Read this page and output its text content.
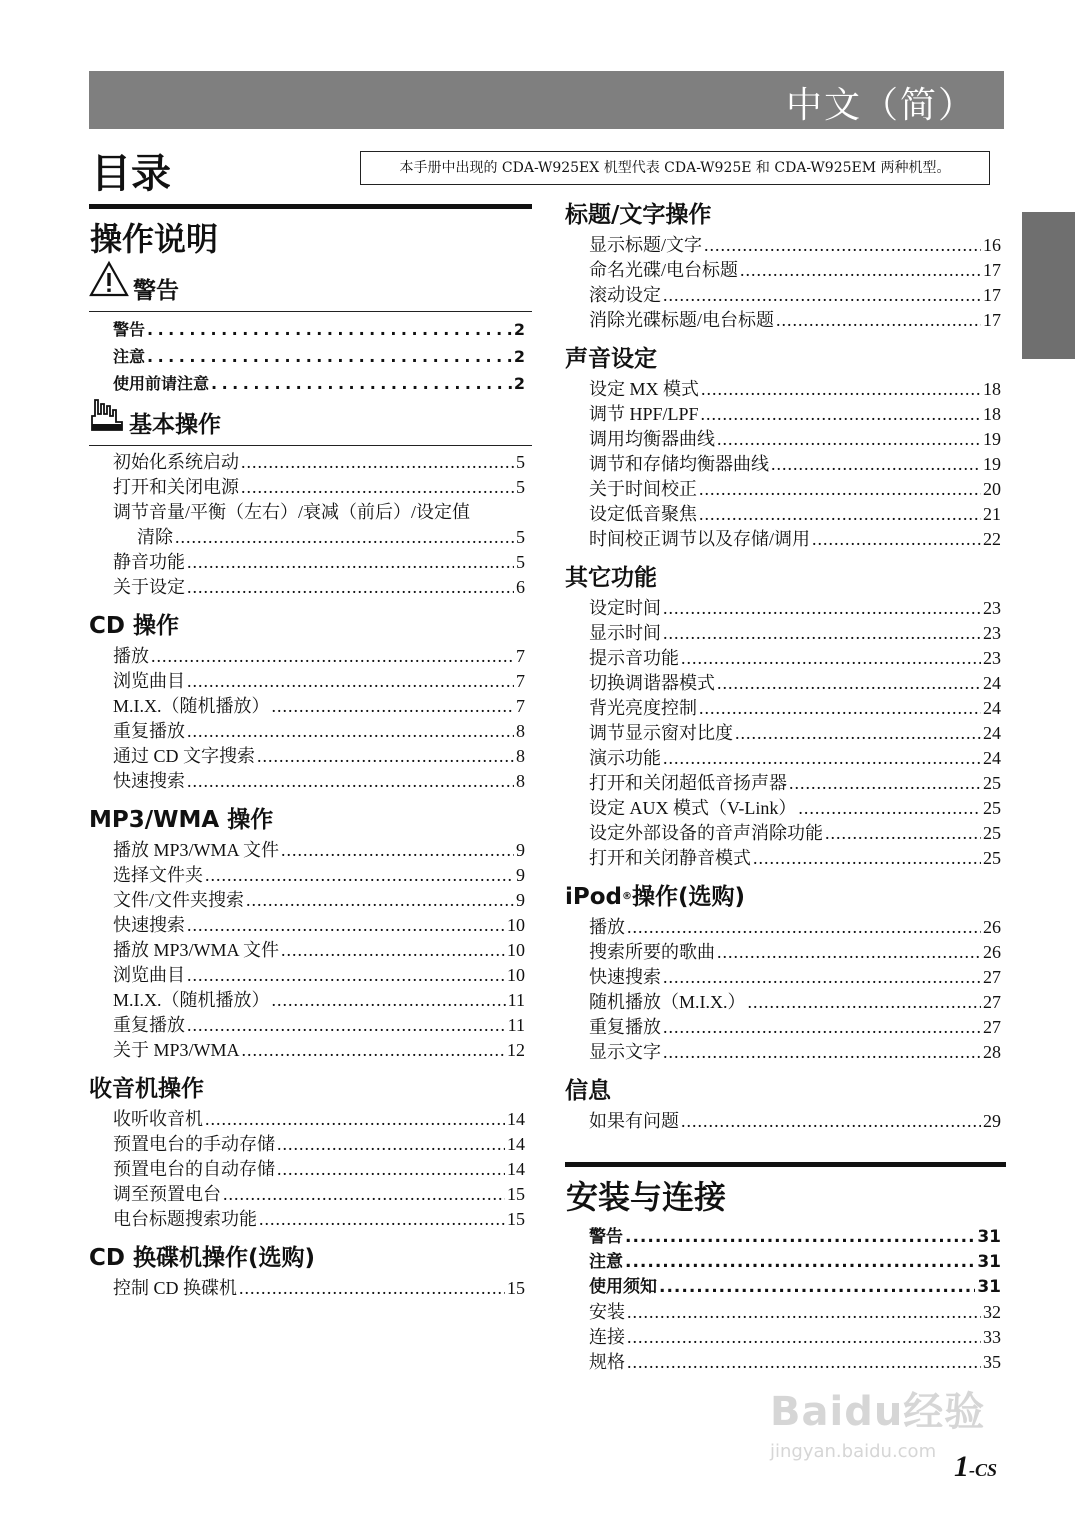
中文（简）
目录	本手册中出现的 CDA-W925EX 机型代表 CDA-W925E 和 CDA-W925EM 两种机型。
操作说明
警告
警告 .....	2
注意 .....	2
使用前请注意 .....	2
基本操作
初始化系统启动 .....	5
打开和关闭电源 .....	5
调节音量/平衡（左右）/衰减（前后）/设定值
清除 .....	5
静音功能 .....	5
关于设定 .....	6
CD 操作
播放 .....	7
浏览曲目 .....	7
M.I.X.（随机播放） .....	7
重复播放 .....	8
通过 CD 文字搜索 .....	8
快速搜索 .....	8
MP3/WMA 操作
播放 MP3/WMA 文件 .....	9
选择文件夹 .....	9
文件/文件夹搜索 .....	9
快速搜索 .....	10
播放 MP3/WMA 文件 .....	10
浏览曲目 .....	10
M.I.X.（随机播放） .....	11
重复播放 .....	11
关于 MP3/WMA .....	12
收音机操作
收听收音机 .....	14
预置电台的手动存储 .....	14
预置电台的自动存储 .....	14
调至预置电台 .....	15
电台标题搜索功能 .....	15
CD 换碟机操作(选购)
控制 CD 换碟机 .....	15
标题/文字操作
显示标题/文字 .....	16
命名光碟/电台标题 .....	17
滚动设定 .....	17
消除光碟标题/电台标题 .....	17
声音设定
设定 MX 模式 .....	18
调节 HPF/LPF .....	18
调用均衡器曲线 .....	19
调节和存储均衡器曲线 .....	19
关于时间校正 .....	20
设定低音聚焦 .....	21
时间校正调节以及存储/调用 .....	22
其它功能
设定时间 .....	23
显示时间 .....	23
提示音功能 .....	23
切换调谐器模式 .....	24
背光亮度控制 .....	24
调节显示窗对比度 .....	24
演示功能 .....	24
打开和关闭超低音扬声器 .....	25
设定 AUX 模式（V-Link） .....	25
设定外部设备的音声消除功能 .....	25
打开和关闭静音模式 .....	25
iPod ® 操作(选购)
播放 .....	26
搜索所要的歌曲 .....	26
快速搜索 .....	27
随机播放（M.I.X.） .....	27
重复播放 .....	27
显示文字 .....	28
信息
如果有问题 .....	29
安装与连接
警告 .....	31
注意 .....	31
使用须知 .....	31
安装 .....	32
连接 .....	33
规格 .....	35
Baidu经验
jingyan.baidu.com 1-CS
